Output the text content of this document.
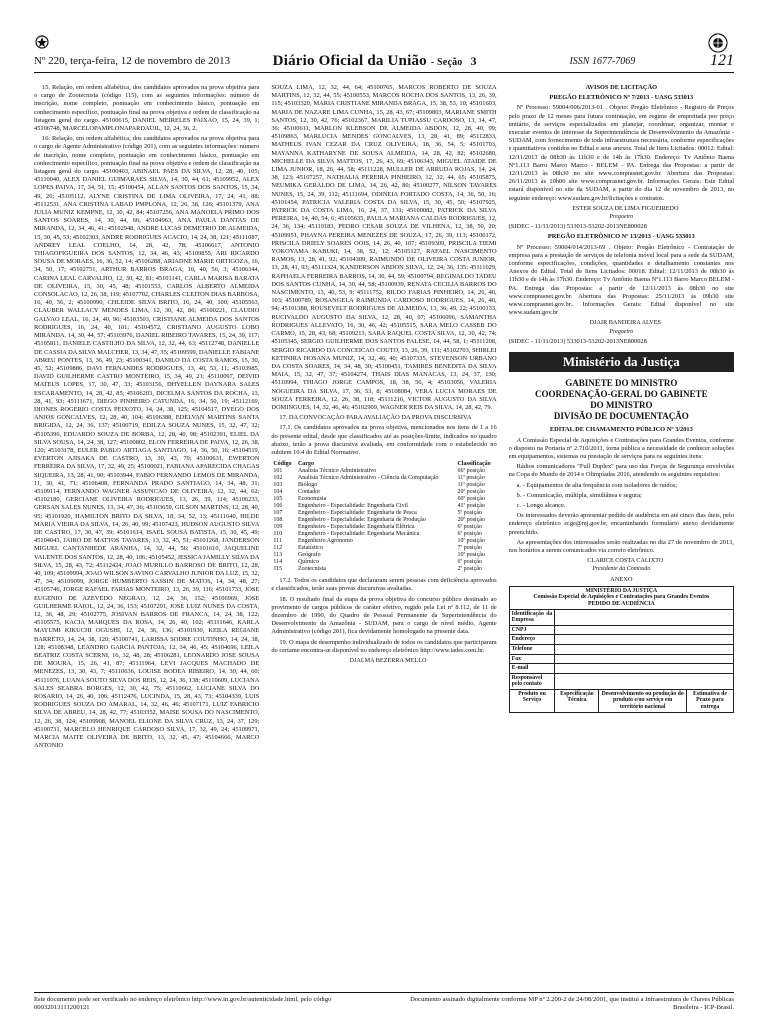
Nº 220, terça-feira, 12 de novembro de 2013	Diário Oficial da União - Seção 3	ISSN 1677-7069	121

15. Relação, em ordem alfabética, dos candidatos aprovados na prova objetiva para o cargo de Zootecnista (código 115), com as seguintes informações: número de inscrição, nome completo, pontuação em conhecimento básico, pontuação em conhecimento específico, pontuação final na prova objetiva e ordem de classificação na listagem geral do cargo. 45100615, DANIEL MEIRELES PAIXAO, 15, 24, 39, 1; 45106748, MARCELOPAMPLONAPARDAUIL, 12, 24, 36, 2.

16. Relação, em ordem alfabética, dos candidatos aprovados na prova objetiva para o cargo de Agente Administrativo (código 201), com as seguintes informações: número de inscrição, nome completo, pontuação em conhecimento básico, pontuação em conhecimento específico, pontuação final na prova objetiva e ordem de classificação na listagem geral do cargo. 45100403, ABINAEL PAES DA SILVA, 12, 28, 40, 105; 45110040, ALEX DANIEL GUIMARAES SILVA, 14, 30, 44, 61; 45109952, ALEX LOPES PAIVA, 17, 34, 51, 15; 45100454, ALLAN SANTOS DOS SANTOS, 15, 34, 49, 26; 45105112, ALYNE CRISTINA DE LIMA OLIVEIRA, 17, 24, 41, 88; 45112531, ANA CRISTINA LABAD PMPLONA, 12, 26, 38, 126; 45101379, ANA JULIA MUNIZ KEMPNE, 12, 30, 42, 84; 45107256, ANA MANOELA PRIMO DOS SANTOS SOARES, 14, 30, 44, 66; 45104963, ANA PAULA DANTAS DE MIRANDA, 12, 34, 46, 41; 45102948, ANDRE LUCAS DEMETRIO DE ALMEIDA, 15, 30, 45, 53; 45102303, ANDRE RODRIGUES ACACIO, 14, 24, 38, 121; 45111087, ANDREY LEAL COELHO, 14, 28, 42, 78; 45106617, ANTONIO THIAGOFIGUEIRA DOS SANTOS, 12, 34, 46, 43; 45109855, ARI RICARDO SOUSA DE MORAES, 16, 36, 52, 14; 45106288, ARIADNE MARIE ORTIGOZA, 16, 34, 50, 17; 45102751, ARTHUR BARROS BRAGA, 16, 40, 56, 3; 45106344, CARINA LEAL CARVALHO, 12, 30, 42, 81; 45101141, CARLA MARISA BARATA DE OLIVEIRA, 15, 30, 45, 48; 45101553, CARLOS ALBERTO ALMEIDA CONSOLACAO, 12, 26, 38, 119; 45107702, CHARLES CLEITON DIAS BARBOSA, 16, 40, 56, 2; 45100990, CHLEIDE SILVA BRITO, 16, 24, 40, 100; 45105563, CLAUBER WALLACY MENDES LIMA, 12, 30, 42, 86; 45100221, CLAUDIO GALVAO LEAL, 16, 24, 40, 96; 45103503, CRISTIANE ALMEIDA DOS SANTOS RODRIGUES, 16, 24, 40, 101; 45104572, CRISTIANO AUGUSTO LOBO MIRANDA, 14, 30, 44, 57; 45103976, DANIEL RIBEIRO TAVARES, 15, 24, 39, 117; 45105811, DANIELE CASTILHO DA SILVA, 12, 32, 44, 63; 45112748, DANIELLE DE CASSIA DA SILVA MALCHER, 13, 34, 47, 35; 45109599, DANIELLE FABIANE ABREU PONTES, 13, 36, 49, 23; 45100341, DANILO DA COSTA RAMOS, 15, 30, 45, 52; 45109886, DAVI FERNANDES RODRIGUES, 13, 40, 53, 11; 45103985, DAVID GUILHERME CASTRO MONTEIRO, 15, 34, 49, 21; 45110097, DEIVID MATEUS LOPES, 17, 30, 47, 33; 45103156, DHYELLEN DAYNARA SALES ESCARAMENTO, 14, 28, 42, 85; 45106203, DICELMA SANTOS DA ROCHA, 13, 28, 41, 93; 45111671, DIEGO PINHEIRO CATUNDA, 16, 34, 50, 19; 45112169, DIONES ROGERIO COSTA PEIXOTO, 14, 24, 38, 125; 45104517, DYEGO DOS ANJOS GONCALVES, 12, 28, 40, 104; 45106388, EDELVAN MARTINS SANTA BRIGIDA, 12, 24, 36, 137; 45100719, EDILZA SOUZA NUNES, 15, 32, 47, 32; 45105396, EDUARDO SOUZA DE BORBA, 12, 28, 40, 98; 45102391, ELIEL DA SILVA SOUSA, 14, 24, 38, 127; 45100802, ELON FERREIRA DE PAIVA, 12, 26, 38, 120; 45103178, EULER PABLO ARTIAGA SANTIAGO, 14, 36, 50, 16; 45104519, EVERTON AJISAKA DE CASTRO, 13, 30, 43, 70; 45100631, EWERTON FERREIRA DA SILVA, 17, 32, 49, 25; 45100021, FABIANA APARECIDA CHAGAS SIQUEIRA, 13, 28, 41, 90; 45103944, FABIO FERNANDO LEMOS DE MIRANDA, 11, 30, 41, 71; 45106408, FERNANDA PRADO SANTIAGO, 14, 34, 48, 31; 45109114, FERNANDO WAGNER ASSUNCAO DE OLIVEIRA, 12, 32, 44, 62; 45102180, GERCIANE OLIVEIRA RODRIGUES, 13, 26, 39, 114; 45106233, GERSAN SALES NUNES, 13, 34, 47, 36; 45103659, GILSON MARTINS, 12, 28, 40, 95; 45101920, HAMILTON BRITO DA SILVA, 18, 34, 52, 13; 45111640, HILDE MARIA VIEIRA DA SILVA, 14, 26, 40, 99; 45107423, HUDSON AUGUSTO SILVA DE CASTRO, 17, 30, 47, 39; 45101614, ISAEL SOUSA BATISTA, 15, 30, 45, 49; 45104043, JAIRO DE MATTOS TAVARES, 13, 32, 45, 51; 45101268, JANDERSON MIGUEL CANTANHEDE ARANHA, 14, 32, 44, 56; 45101610, JAQUELINE VALENTE DOS SANTOS, 12, 28, 40, 106; 45105452, JESSICA JAMILLY SILVA DA SILVA, 15, 28, 43, 72; 45112424, JOAO MURILLO BARROSO DE BRITO, 12, 28, 40, 109; 45109994, JOAO WILSON SAVINO CARVALHO JUNIOR DA LUZ, 15, 32, 47, 34; 45109099, JORGE HUMBERTO SASSIN DE MATOS, 14, 34, 48, 27; 45105746, JORGE RAFAEL FARIAS MONTEIRO, 13, 26, 39, 116; 45101733, JOSE EUGENIO DE AZEVEDO NEGRAO, 12, 24, 36, 152; 45106969, JOSE GUILHERME RAIOL, 12, 24, 36, 153; 45107291, JOSE LUIZ NUNES DA COSTA, 12, 36, 48, 29; 45102775, JOSIVAN BARROS DE FRANCA, 14, 24, 38, 122; 45105575, KACIA MARQUES DA ROSA, 14, 26, 40, 102; 45111646, KARLA MAYUMI KIKUCHI OGUSHI, 12, 24, 36, 136; 45101930, KEILA REGIANE BARRETO, 14, 24, 38, 120; 45100741, LARISSA SODRE COUTINHO, 14, 24, 38, 128; 45108348, LEANDRO GARCIA PANTOJA, 12, 34, 46, 45; 45104696, LEILA BEATRIZ COSTA SCERNI, 16, 32, 48, 28; 45106281, LEONARDO JOSE SOUSA DE MOURA, 15, 26, 41, 87; 45111964, LEVI JACQUES MACHADO DE MENEZES, 13, 30, 43, 7; 45110636, LOUISE BODEA RIBEIRO, 14, 30, 44, 60; 45111076, LUANA SOUTO SILVA DOS REIS, 12, 24, 36, 138; 45110609, LUCIANA SALES SEABRA BORGES, 12, 30, 42, 75; 45110662, LUCIANE SILVA DO ROSARIO, 14, 26, 40, 106; 45112476, LUCINDA, 15, 28, 43, 73; 45104339, LUIS RODRIGUES SOUZA DO AMARAL, 14, 32, 46, 46; 45107171, LUIZ FABRICIO SILVA DE ABREU, 14, 28, 42, 77; 45103352, MAISE SOUSA DO NASCIMENTO, 12, 26, 38, 124; 45109908, MANOEL ELIONE DA SILVA CRUZ, 13, 24, 37, 129; 45100731, MARCELO HENRIQUE CARDOSO SILVA, 17, 32, 49, 24; 45109971, MARCIA MAITE OLIVEIRA DE BRITO, 13, 32, 45, 47; 45104666, MARCO ANTONIO

SOUZA LIMA, 12, 32, 44, 64; 45100765, MARCOS ROBERTO DE SOUZA MARTINS, 12, 32, 44, 55; 45100553, MARCOS ROCHA DOS SANTOS, 13, 26, 39, 115; 45103320, MARIA CRISTIANE MIRANDA BRAGA, 15, 38, 53, 10; 45101603, MARIA DE NAZARE LIMA CUNHA, 15, 28, 43, 67; 45109803, MARIANE SMITH SANTOS, 12, 30, 42, 76; 45102367, MARILIA TUPIASSU CARDOSO, 13, 34, 47, 36; 45100611, MARLON KLEBSON DE ALMEIDA ABDON, 12, 28, 40, 99; 45109863, MARLUCIA MENDES GONCALVES, 13, 28, 41, 89; 45112833, MATHEUS IVAN CEZAR DA CRUZ OLIVEIRA, 18, 36, 54, 5; 45101703, MAYANNA KATHARYNE DE SOUSA ALMEIDA, 14, 28, 42, 82; 45102680, MICHELLE DA SILVA MATTOS, 17, 26, 43, 69; 45106343, MIGUEL ATAIDE DE LIMA JUNIOR, 18, 26, 44, 58; 45111228, MULLER DE ARRUDA ROJAS, 14, 24, 38, 123; 45107257, NATHALIA PEREIRA PINHEIRO, 12, 32, 44, 65; 45105875, NEUMIKA GERALDO DE LIMA, 14, 26, 42, 80; 45100277, NILSON TAVARES NUNES, 15, 24, 39, 112; 45111694, ODINEIA FORTADO COSTA, 14, 36, 50, 16; 45101454, PATRICIA VALERIA COSTA DA SILVA, 15, 30, 45, 50; 45107925, PATRICK DA COSTA LIMA, 16, 24, 37, 131; 45100082, PATRICK DA SILVA PEREIRA, 14, 40, 54, 6; 45105635, PAULA MARIANA CALDAS RODRIGUES, 12, 24, 36, 134; 45110183, PEDRO CESAR SOUZA DE VILHENA, 12, 38, 50, 20; 45109951, PHAYNA PEREIRA MENEZES DE SOUZA, 17, 26, 39, 113; 45106172, PRISCILA DRIELY SOARES OOIS, 14, 26, 40, 107; 45109309, PRISCILA TIEMI YOKOYAMA KABUKI, 14, 38, 52, 12; 45105127, RAFAEL NASCIMENTO RAMOS, 13, 28, 41, 92; 45104309, RAIMUNDO DE OLIVEIRA COSTA JUNIOR, 13, 28, 41, 93; 45111324, KANDERSON ABDON SILVA, 12, 24, 36, 135; 45111029, RAPHAELA FERREIRA BARROS, 14, 30, 44, 59; 45100794, REGINALDO TADEU DOS SANTOS CUNHA, 14, 30, 44, 58; 45100939, RENATA CECILIA BARROS DO NASCIMENTO, 13, 40, 53, 9; 45111752, RILDO FARIAS PINHEIRO, 14, 26, 40, 103; 45100789, ROSANGELA RAIMUNDA CARDOSO RODRIGUES, 14, 26, 40, 94; 45101388, ROUSEVELT RODRIGUES DE ALMEIDA, 13, 36, 49, 22; 45100133, RUCIVALDO AUGUSTO DA SILVA, 12, 28, 40, 97; 45106096, SAMANTHA RODRIGUES ALLEVATO, 16, 30, 46, 42; 45105515, SARA MELO CASSEB DO CARMO, 15, 28, 43, 68; 45109213, SARA RAQUEL COSTA SILVA, 12, 30, 42, 74; 45105345, SERGIO GUILHERME DOS SANTOS FALESE, 14, 44, 58, 1; 45111208, SERGIO RICARDO DA CONCEICAO COUTO, 13, 26, 39, 111; 45102703, SHIRLEI KETINIRA HOSANA MUNIZ, 14, 32, 46, 40; 45107335, STEVENSON URBANO DA COSTA SOARES, 14, 34, 48, 30; 45100451, TAMIRES BENEDITA DA SILVA MAIA, 15, 32, 47, 37; 45104274, THAIS DIAS MANACAS, 13, 24, 37, 130; 45110994, THIAGO JORGE CAMPOS, 18, 38, 56, 4; 45103056, VALERIA NOGUEIRA DA SILVA, 17, 36, 53, 8; 45108084, VERA LUCIA MORAES DE SOUZA FERREIRA, 12, 26, 38, 118; 45111216, VICTOR AUGUSTO DA SILVA DOMINGUES, 14, 32, 46, 46; 45102909, WAGNER REIS DA SILVA, 14, 28, 42, 79.

17. DA CONVOCAÇÃO PARA AVALIAÇÃO DA PROVA DISCURSIVA

17.1. Os candidatos aprovados na prova objetiva, mencionados nos itens de 1 a 16 do presente edital, desde que classificados até as posições-limite, indicados no quadro abaixo, terão a prova discursiva avaliada, em conformidade com o estabelecido no subitem 10.4 do Edital Normativo.

Código	Cargo	Classificação
101	Analista Técnico Administrativo	66ª posição
102	Analista Técnico Administrativo - Ciência da Computação	11ª posição
103	Biólogo	11ª posição
104	Contador	20ª posição
105	Economista	60ª posição
106	Engenheiro - Especialidade: Engenharia Civil	41ª posição
107	Engenheiro - Especialidade: Engenharia de Pesca	5ª posição
108	Engenheiro - Especialidade: Engenharia de Produção	20ª posição
109	Engenheiro - Especialidade: Engenharia Elétrica	6ª posição
110	Engenheiro - Especialidade: Engenharia Mecânica	6ª posição
111	Engenheiro Agrônomo	10ª posição
112	Estatístico	7ª posição
113	Geógrafo	10ª posição
114	Químico	6ª posição
115	Zootecnista	2ª posição

17.2. Todos os candidatos que declararam serem pessoas com deficiência aprovados e classificados, terão suas provas discursivas avaliadas.

18. O resultado final da etapa da prova objetiva do concurso público destinado ao provimento de cargos públicos de caráter efetivo, regido pela Lei nº 8.112, de 11 de dezembro de 1990, do Quadro de Pessoal Permanente da Superintendência do Desenvolvimento da Amazônia - SUDAM, para o cargo de nível médio, Agente Administrativo (código 201), fica devidamente homologado na presente data.

19. O mapa de desempenho individualizado de todos os candidatos que participaram do certame encontra-se disponível no endereço eletrônico http://www.iades.com.br.

DJALMA BEZERRA MELLO

AVISOS DE LICITAÇÃO

PREGÃO ELETRÔNICO Nº 7/2013 - UASG 533013

Nº Processo: 59004/006/2013-01 . Objeto: Pregão Eletrônico - Registro de Preços pelo prazo de 12 meses para futura contratação, em regime de empreitada por preço unitário, de serviços especializados em planejar, coordenar, organizar, montar e executar eventos de interesse da Superintendência de Desenvolvimento da Amazônia - SUDAM, com fornecimento de toda infraestrutura necessária, conforme especificações e quantitativos contidos no Edital e seus anexos. Total de Itens Licitados: 00012. Edital: 12/11/2013 de 08h30 às 11h30 e de 14h às 17h30. Endereço: Tv Antônio Baena Nº1.113 Barro Marco Marco - BELEM - PA. Entrega das Propostas: a partir de 12/11/2013 às 08h30 no site www.comprasnet.gov.br. Abertura das Propostas: 26/11/2013 às 10h00 site www.comprasnet.gov.br. Informações Gerais: Este Edital estará disponível no site da SUDAM, a partir do dia 12 de novembro de 2013, no seguinte endereço: www.sudam.gov.br/licitações e contratos.

ESTER SOUZA DE LIMA FIGUEIREDO
Pregoeiro

(SIDEC - 11/11/2013) 533013-53202-2013NE800028

PREGÃO ELETRÔNICO Nº 13/2013 - UASG 533013

Nº Processo: 59004/014/2013-69 . Objeto: Pregão Eletrônico - Contratação de empresa para a prestação de serviços de telefonia móvel local para a sede da SUDAM, conforme especificações, condições, quantidades e detalhamento constantes nos Anexos do Edital. Total de Itens Licitados: 00018. Edital: 12/11/2013 de 08h30 às 11h30 e de 14h às 17h30. Endereço: Tv Antônio Baena Nº1.113 Barro Marco BELEM - PA. Entrega das Propostas: a partir de 12/11/2013 às 08h30 no site www.comprasnet.gov.br. Abertura das Propostas: 25/11/2013 às 09h30 site www.comprasnet.gov.br.. Informações Gerais: Edital disponível no site www.sudam.gov.br

DJAIR BANDEIRA ALVES
Pregoeiro

(SIDEC - 11/11/2013) 533013-53202-2013NE800028

Ministério da Justiça
GABINETE DO MINISTRO
COORDENAÇÃO-GERAL DO GABINETE
DO MINISTRO
DIVISÃO DE DOCUMENTAÇÃO

EDITAL DE CHAMAMENTO PÚBLICO Nº 3/2013

A Comissão Especial de Aquisições e Contratações para Grandes Eventos, conforme o disposto na Portaria nº 2.710/2011, torna pública a necessidade de conhecer soluções em equipamentos, sistemas ou prestação de serviços para os seguintes itens:

Rádios comunicadores "Full Duplex" para uso das Forças de Segurança envolvidas na Copa do Mundo de 2014 e Olimpíadas 2016, atendendo os seguintes requisitos:

a. - Equipamentos de alta frequência com isoladores de ruídos;

b. - Comunicação, múltipla, simultânea e segura;

c. - Longo alcance.

Os interessados deverão apresentar pedido de audiência em até cinco dias úteis, pelo endereço eletrônico ecge@mj.gov.br, encaminhando formulário anexo devidamente preenchido.

As apresentações dos interessados serão realizadas no dia 27 de novembro de 2013, nos horários a serem comunicados via correio eletrônico.

CLARICE COSTA CALIXTO
Presidente da Comissão

ANEXO

MINISTÉRIO DA JUSTIÇA
Comissão Especial de Aquisições e Contratações para Grandes Eventos
PEDIDO DE AUDIÊNCIA			

Identificação da Empresa			
CNPJ			
Endereço			
Telefone			
Fax			
E-mail			
Responsável pelo contato			
Produto ou Serviço	Especificação Técnica	Desenvolvimento ou produção do produto e/ou serviço em território nacional	Estimativa de Prazo para entrega
Este documento pode ser verificado no endereço eletrônico http://www.in.gov.br/autenticidade.html, pelo código 00032013111200121
Documento assinado digitalmente conforme MP nº 2.200-2 de 24/08/2001, que institui a Infraestrutura de Chaves Públicas Brasileira - ICP-Brasil.
